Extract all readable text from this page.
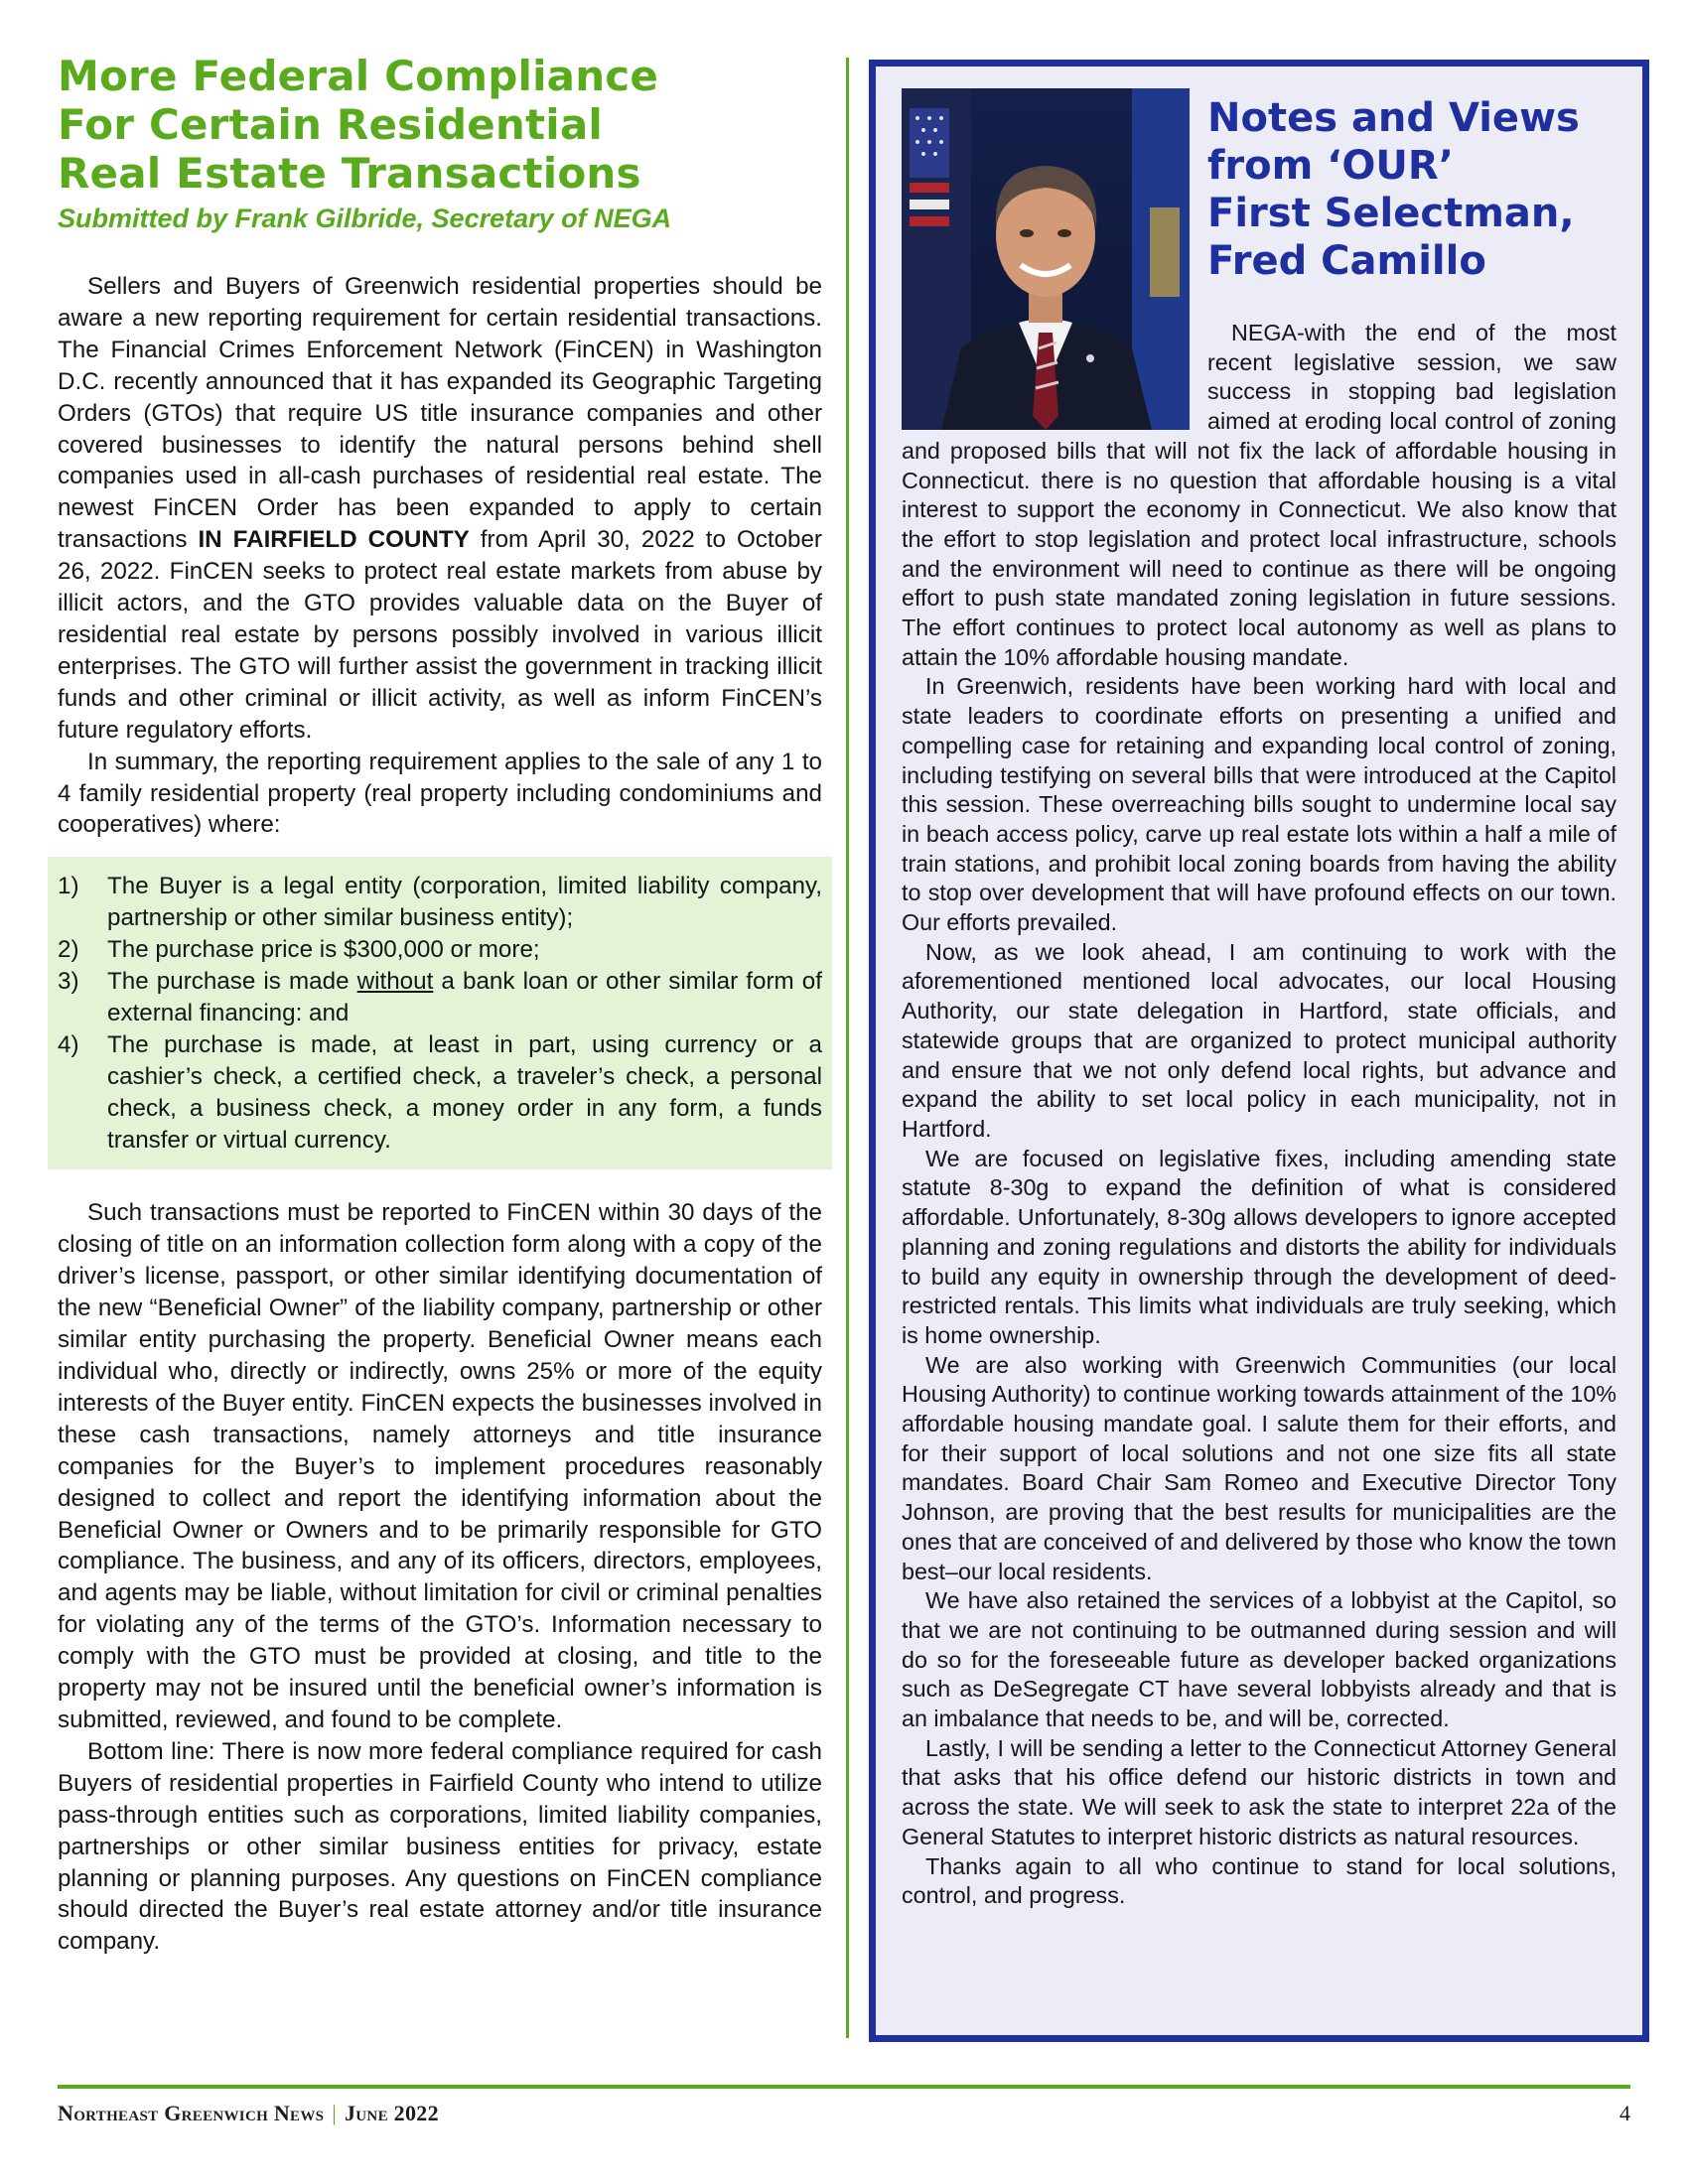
More Federal Compliance
For Certain Residential
Real Estate Transactions
Submitted by Frank Gilbride, Secretary of NEGA

Sellers and Buyers of Greenwich residential properties should be aware a new reporting requirement for certain residential transactions. The Financial Crimes Enforcement Network (FinCEN) in Washington D.C. recently announced that it has expanded its Geographic Targeting Orders (GTOs) that require US title insurance companies and other covered businesses to identify the natural persons behind shell companies used in all-cash purchases of residential real estate. The newest FinCEN Order has been expanded to apply to certain transactions IN FAIRFIELD COUNTY from April 30, 2022 to October 26, 2022. FinCEN seeks to protect real estate markets from abuse by illicit actors, and the GTO provides valuable data on the Buyer of residential real estate by persons possibly involved in various illicit enterprises. The GTO will further assist the government in tracking illicit funds and other criminal or illicit activity, as well as inform FinCEN’s future regulatory efforts.

In summary, the reporting requirement applies to the sale of any 1 to 4 family residential property (real property including condominiums and cooperatives) where:

1)	The Buyer is a legal entity (corporation, limited liability company, partnership or other similar business entity);
2)	The purchase price is $300,000 or more;
3)	The purchase is made without a bank loan or other similar form of external financing: and
4)	The purchase is made, at least in part, using currency or a cashier’s check, a certified check, a traveler’s check, a personal check, a business check, a money order in any form, a funds transfer or virtual currency.

Such transactions must be reported to FinCEN within 30 days of the closing of title on an information collection form along with a copy of the driver’s license, passport, or other similar identifying documentation of the new “Beneficial Owner” of the liability company, partnership or other similar entity purchasing the property. Beneficial Owner means each individual who, directly or indirectly, owns 25% or more of the equity interests of the Buyer entity. FinCEN expects the businesses involved in these cash transactions, namely attorneys and title insurance companies for the Buyer’s to implement procedures reasonably designed to collect and report the identifying information about the Beneficial Owner or Owners and to be primarily responsible for GTO compliance. The business, and any of its officers, directors, employees, and agents may be liable, without limitation for civil or criminal penalties for violating any of the terms of the GTO’s. Information necessary to comply with the GTO must be provided at closing, and title to the property may not be insured until the beneficial owner’s information is submitted, reviewed, and found to be complete.

Bottom line: There is now more federal compliance required for cash Buyers of residential properties in Fairfield County who intend to utilize pass-through entities such as corporations, limited liability companies, partnerships or other similar business entities for privacy, estate planning or planning purposes. Any questions on FinCEN compliance should directed the Buyer’s real estate attorney and/or title insurance company.

Notes and Views
from ‘OUR’
First Selectman,
Fred Camillo

NEGA-with the end of the most recent legislative session, we saw success in stopping bad legislation aimed at eroding local control of zoning and proposed bills that will not fix the lack of affordable housing in Connecticut. there is no question that affordable housing is a vital interest to support the economy in Connecticut. We also know that the effort to stop legislation and protect local infrastructure, schools and the environment will need to continue as there will be ongoing effort to push state mandated zoning legislation in future sessions. The effort continues to protect local autonomy as well as plans to attain the 10% affordable housing mandate.

In Greenwich, residents have been working hard with local and state leaders to coordinate efforts on presenting a unified and compelling case for retaining and expanding local control of zoning, including testifying on several bills that were introduced at the Capitol this session. These overreaching bills sought to undermine local say in beach access policy, carve up real estate lots within a half a mile of train stations, and prohibit local zoning boards from having the ability to stop over development that will have profound effects on our town. Our efforts prevailed.

Now, as we look ahead, I am continuing to work with the aforementioned mentioned local advocates, our local Housing Authority, our state delegation in Hartford, state officials, and statewide groups that are organized to protect municipal authority and ensure that we not only defend local rights, but advance and expand the ability to set local policy in each municipality, not in Hartford.

We are focused on legislative fixes, including amending state statute 8-30g to expand the definition of what is considered affordable. Unfortunately, 8-30g allows developers to ignore accepted planning and zoning regulations and distorts the ability for individuals to build any equity in ownership through the development of deed- restricted rentals. This limits what individuals are truly seeking, which is home ownership.

We are also working with Greenwich Communities (our local Housing Authority) to continue working towards attainment of the 10% affordable housing mandate goal. I salute them for their efforts, and for their support of local solutions and not one size fits all state mandates. Board Chair Sam Romeo and Executive Director Tony Johnson, are proving that the best results for municipalities are the ones that are conceived of and delivered by those who know the town best–our local residents.

We have also retained the services of a lobbyist at the Capitol, so that we are not continuing to be outmanned during session and will do so for the foreseeable future as developer backed organizations such as DeSegregate CT have several lobbyists already and that is an imbalance that needs to be, and will be, corrected.

Lastly, I will be sending a letter to the Connecticut Attorney General that asks that his office defend our historic districts in town and across the state. We will seek to ask the state to interpret 22a of the General Statutes to interpret historic districts as natural resources.

Thanks again to all who continue to stand for local solutions, control, and progress.

Northeast Greenwich News | June 2022	4
